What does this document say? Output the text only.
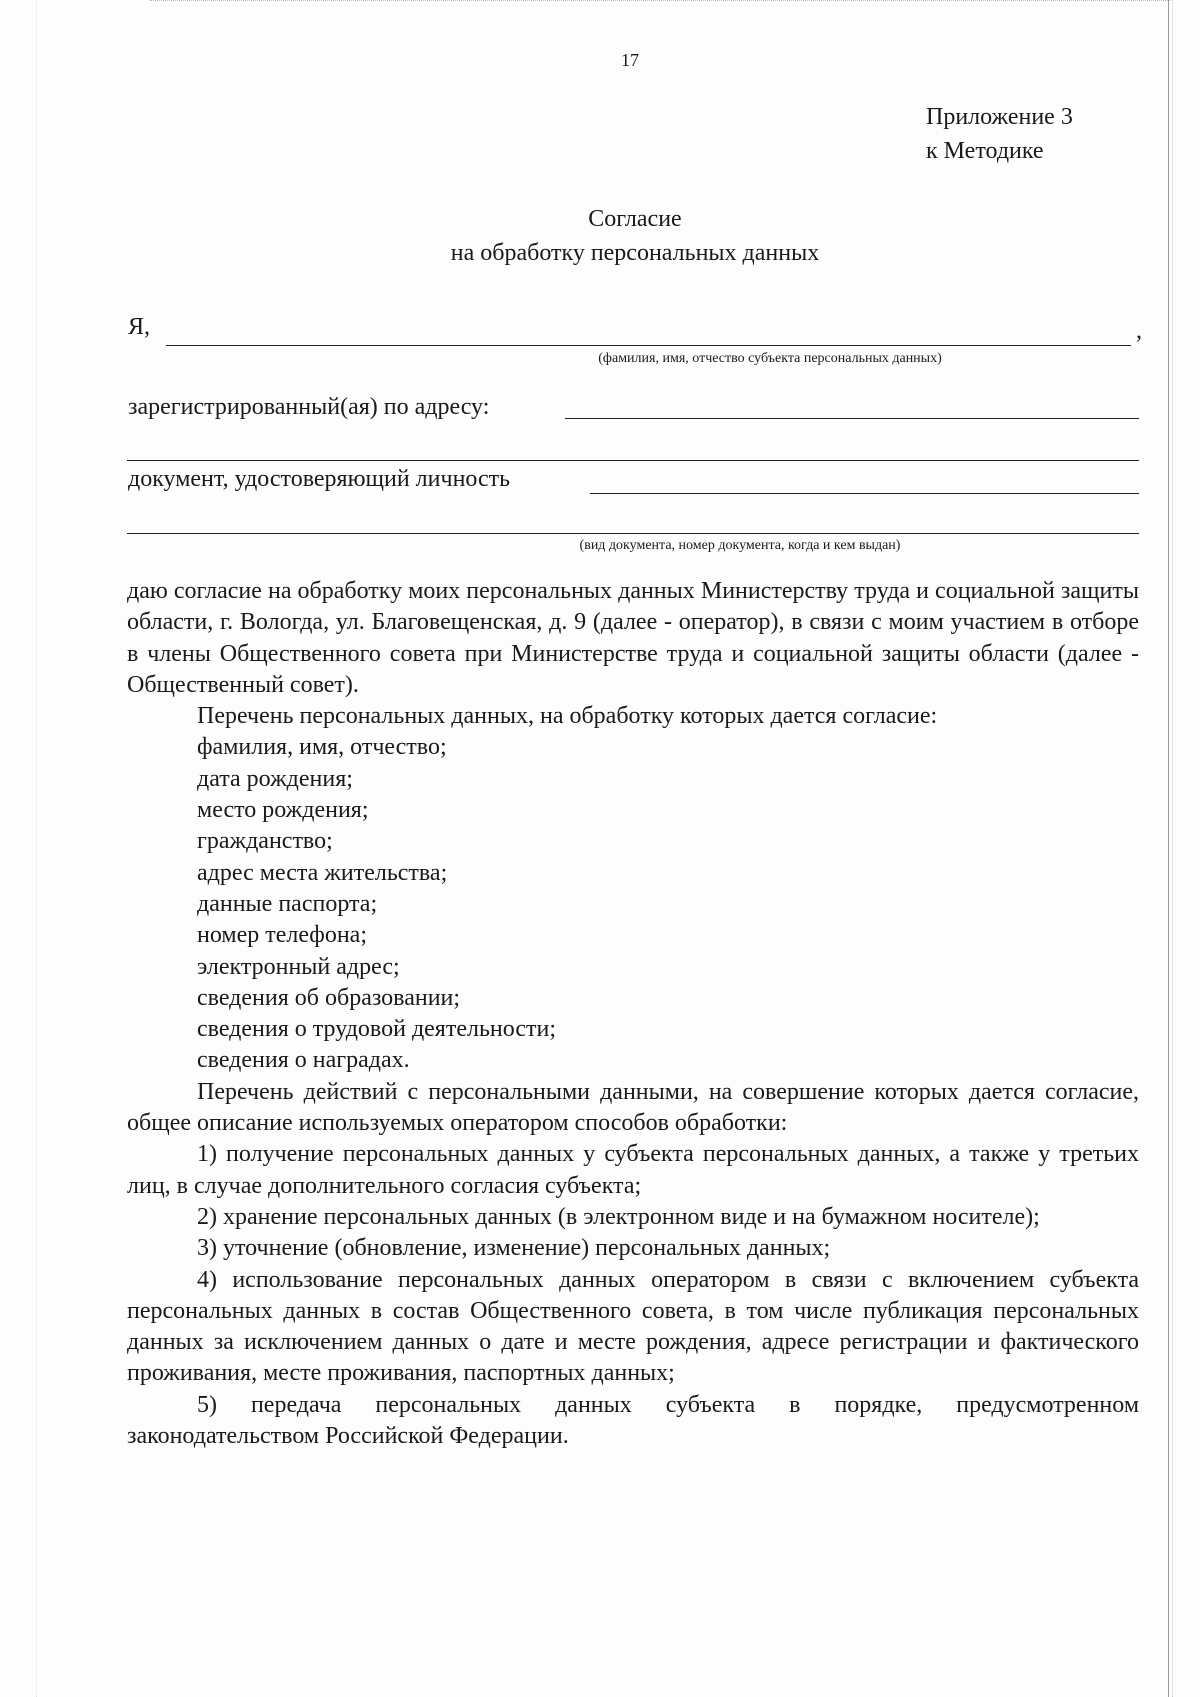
17
Приложение 3
к Методике
Согласие
на обработку персональных данных
Я,	,
(фамилия, имя, отчество субъекта персональных данных)
зарегистрированный(ая) по адресу:
документ, удостоверяющий личность
(вид документа, номер документа, когда и кем выдан)

даю согласие на обработку моих персональных данных Министерству труда и социальной защиты области, г. Вологда, ул. Благовещенская, д. 9 (далее - оператор), в связи с моим участием в отборе в члены Общественного совета при Министерстве труда и социальной защиты области (далее - Общественный совет).

Перечень персональных данных, на обработку которых дается согласие:

фамилия, имя, отчество;
дата рождения;
место рождения;
гражданство;
адрес места жительства;
данные паспорта;
номер телефона;
электронный адрес;
сведения об образовании;
сведения о трудовой деятельности;
сведения о наградах.

Перечень действий с персональными данными, на совершение которых дается согласие, общее описание используемых оператором способов обработки:

1) получение персональных данных у субъекта персональных данных, а также у третьих лиц, в случае дополнительного согласия субъекта;

2) хранение персональных данных (в электронном виде и на бумажном носителе);

3) уточнение (обновление, изменение) персональных данных;

4) использование персональных данных оператором в связи с включением субъекта персональных данных в состав Общественного совета, в том числе публикация персональных данных за исключением данных о дате и месте рождения, адресе регистрации и фактического проживания, месте проживания, паспортных данных;

5) передача персональных данных субъекта в порядке, предусмотренном законодательством Российской Федерации.
